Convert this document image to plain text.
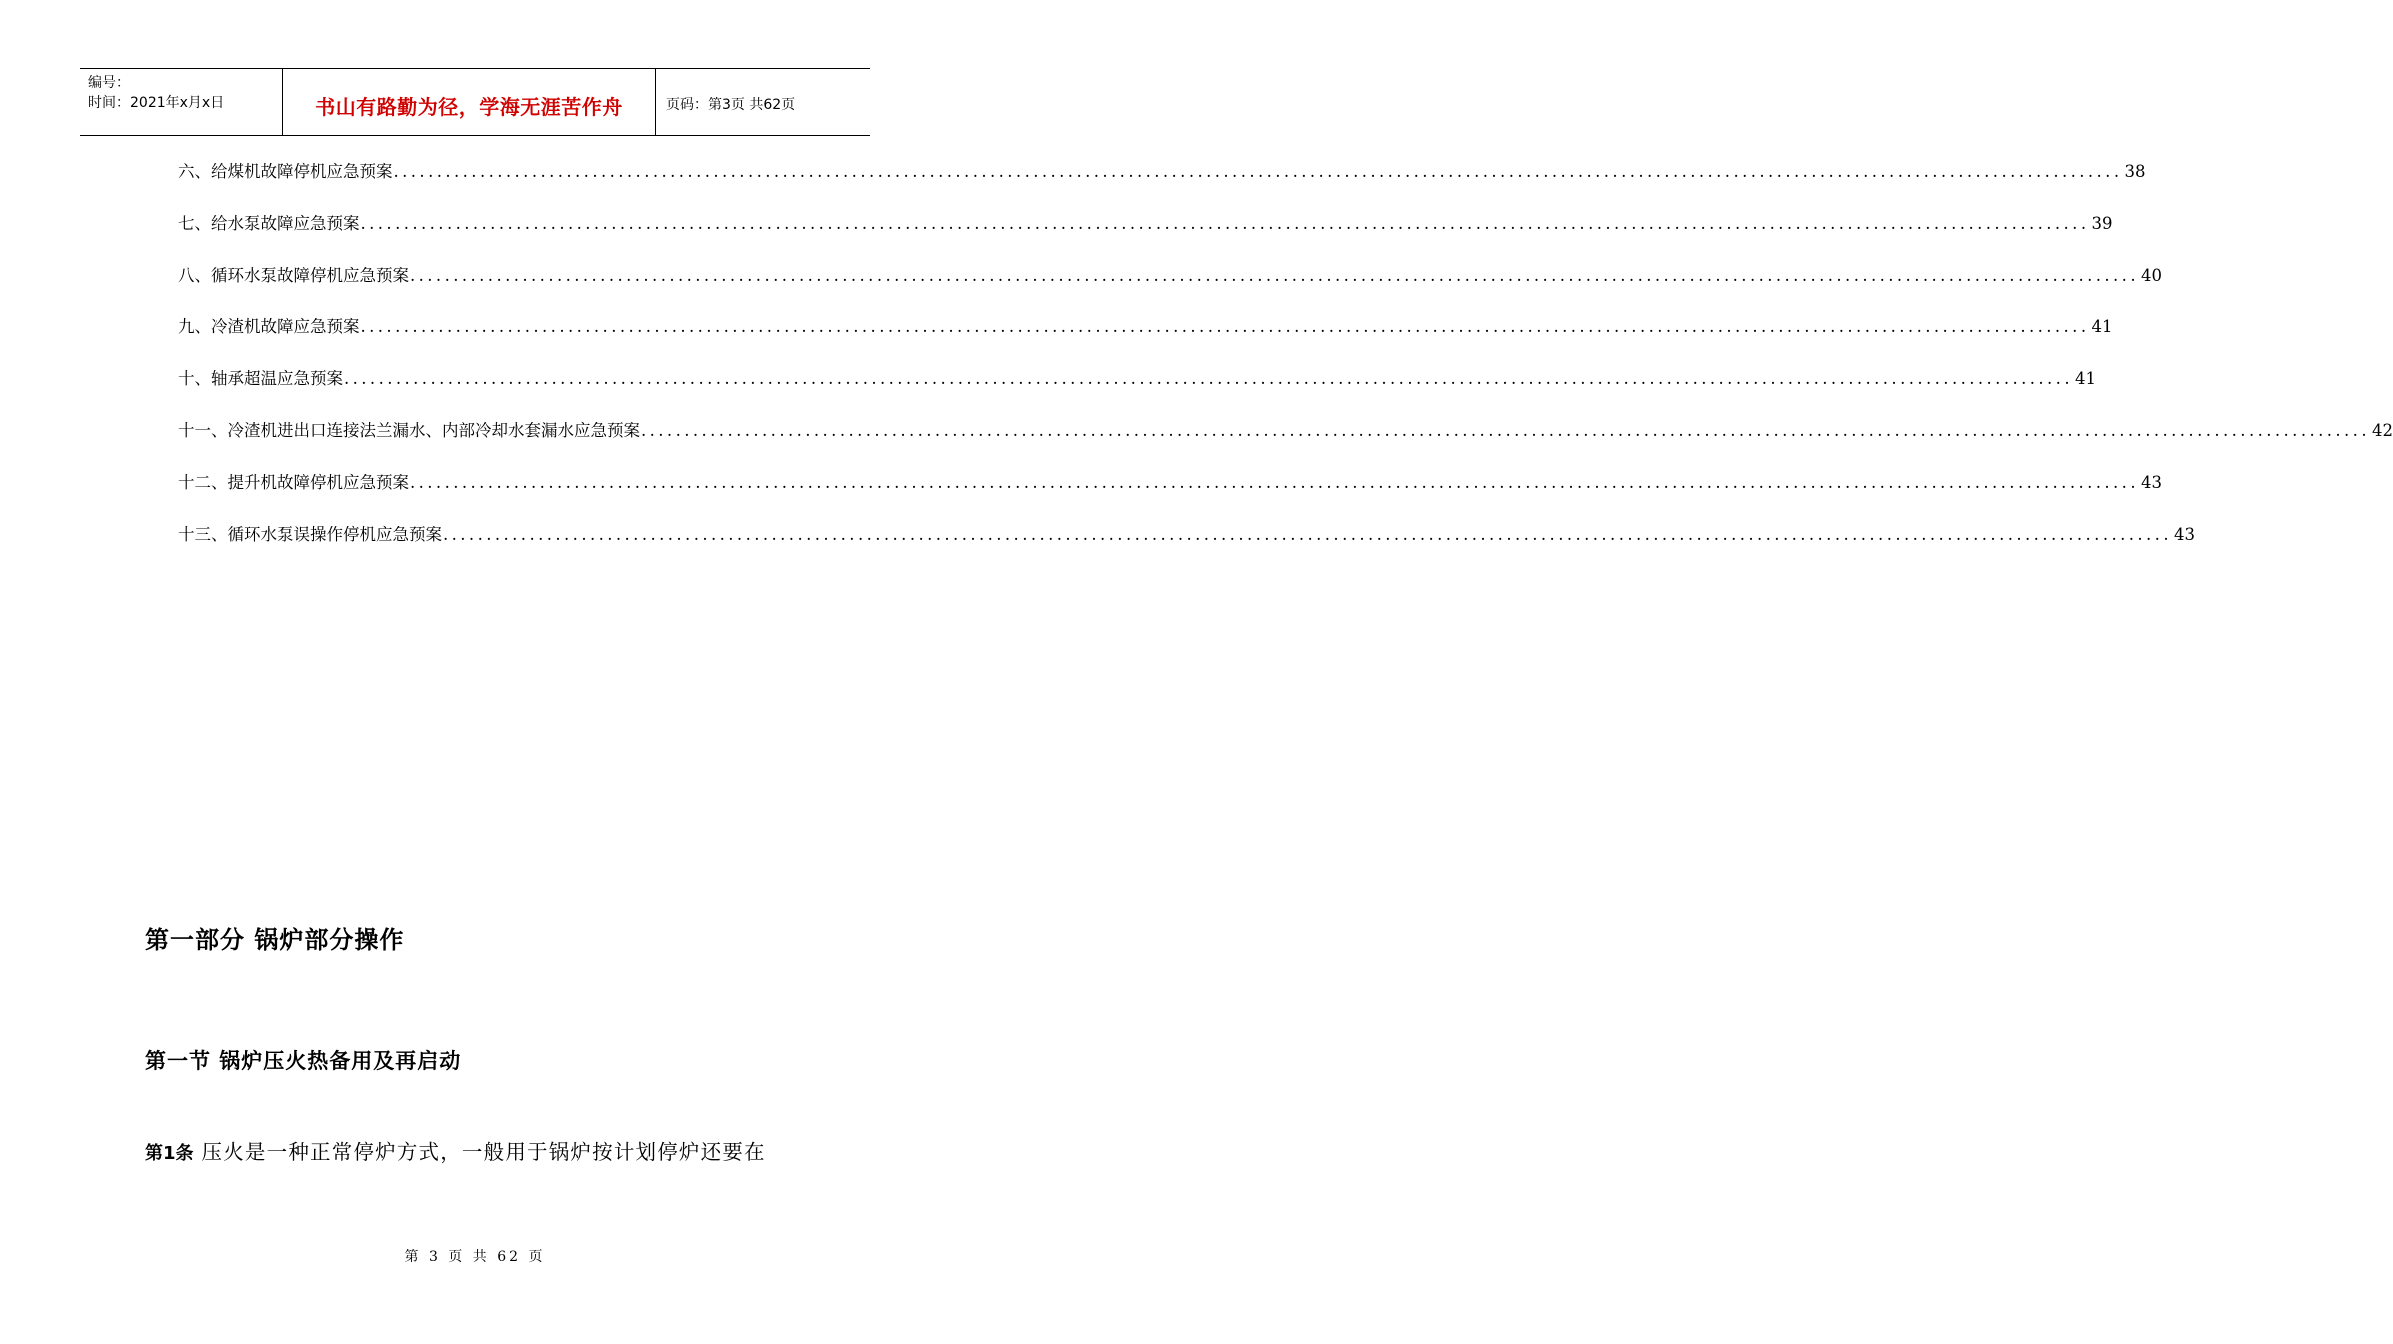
编号：
时间：2021年x月x日	书山有路勤为径，学海无涯苦作舟	页码：第3页 共62页
六、给煤机故障停机应急预案 ........................................................................................................................................................................................................ 38
七、给水泵故障应急预案 ........................................................................................................................................................................................................ 39
八、循环水泵故障停机应急预案 ........................................................................................................................................................................................................ 40
九、冷渣机故障应急预案 ........................................................................................................................................................................................................ 41
十、轴承超温应急预案 ........................................................................................................................................................................................................ 41
十一、冷渣机进出口连接法兰漏水、内部冷却水套漏水应急预案 ........................................................................................................................................................................................................ 42
十二、提升机故障停机应急预案 ........................................................................................................................................................................................................ 43
十三、循环水泵误操作停机应急预案 ........................................................................................................................................................................................................ 43
第一部分 锅炉部分操作
第一节 锅炉压火热备用及再启动
第1条 压火是一种正常停炉方式，一般用于锅炉按计划停炉还要在
第 3 页 共 62 页
